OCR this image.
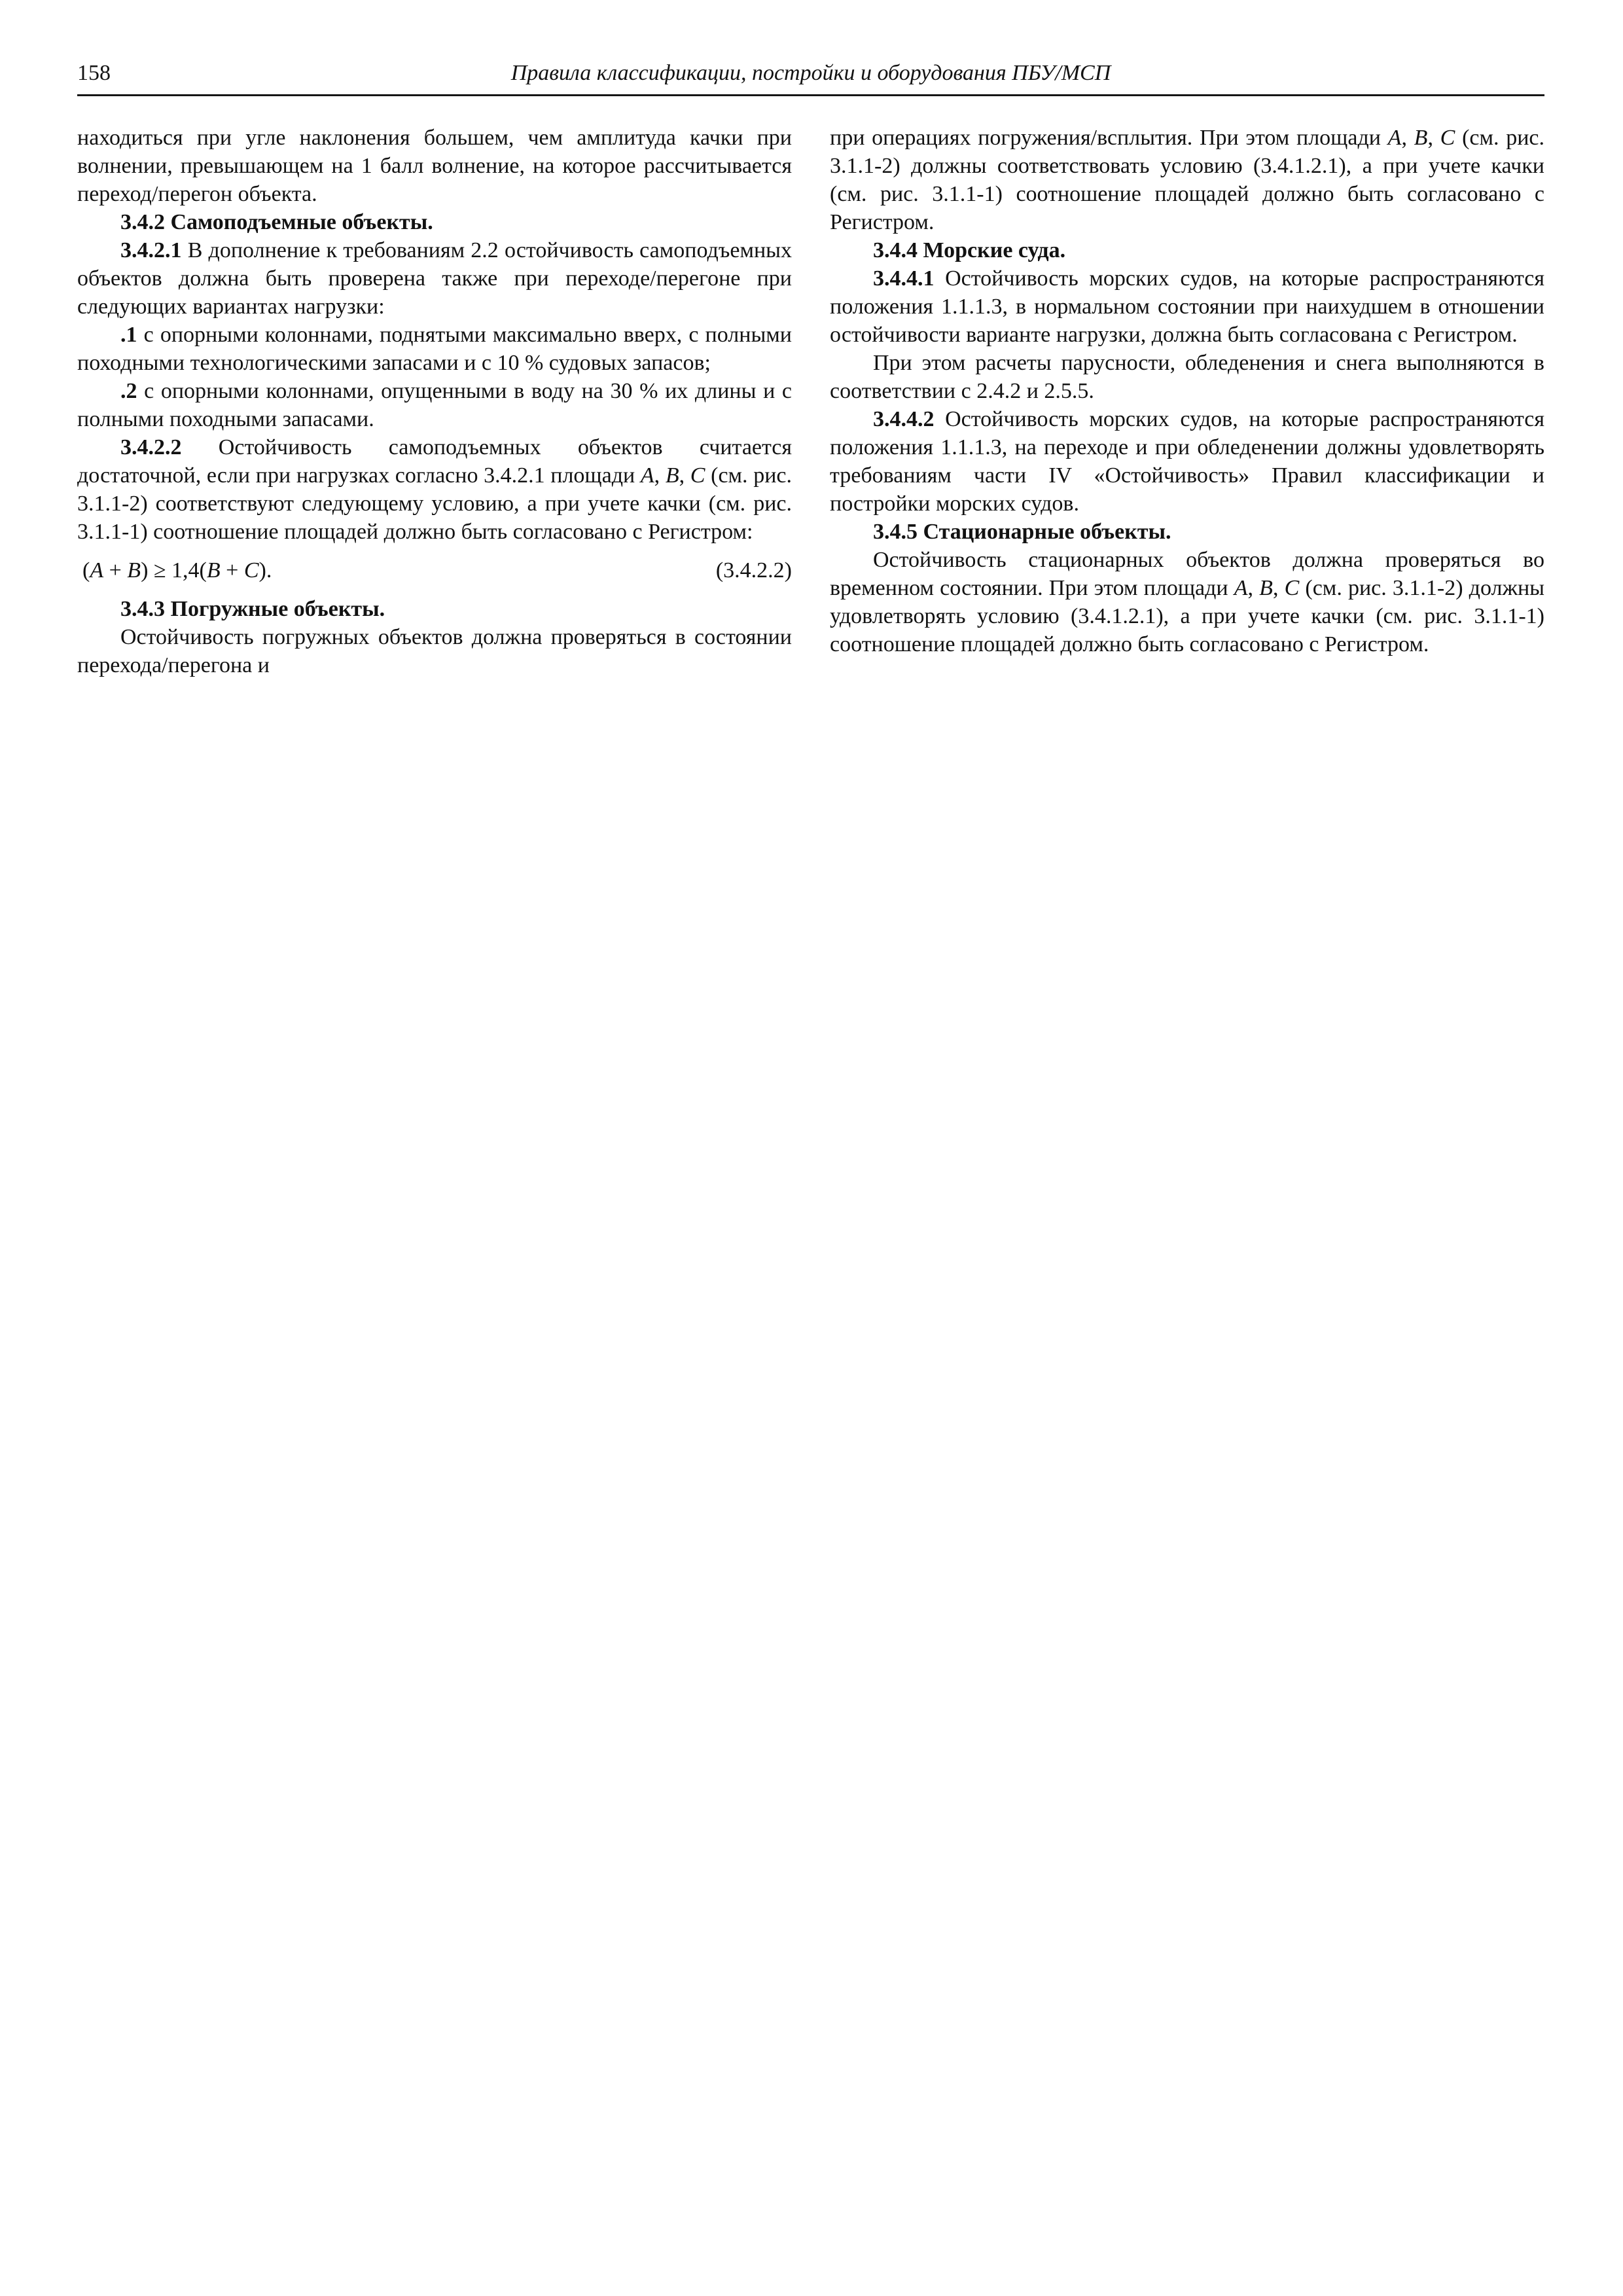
158	Правила классификации, постройки и оборудования ПБУ/МСП

находиться при угле наклонения большем, чем амплитуда качки при волнении, превышающем на 1 балл волнение, на которое рассчитывается переход/перегон объекта.

3.4.2 Самоподъемные объекты.

3.4.2.1 В дополнение к требованиям 2.2 остойчивость самоподъемных объектов должна быть проверена также при переходе/перегоне при следующих вариантах нагрузки:

.1 с опорными колоннами, поднятыми максимально вверх, с полными походными технологическими запасами и с 10 % судовых запасов;

.2 с опорными колоннами, опущенными в воду на 30 % их длины и с полными походными запасами.

3.4.2.2 Остойчивость самоподъемных объектов считается достаточной, если при нагрузках согласно 3.4.2.1 площади A, B, C (см. рис. 3.1.1-2) соответствуют следующему условию, а при учете качки (см. рис. 3.1.1-1) соотношение площадей должно быть согласовано с Регистром:

(A + B) ≥ 1,4(B + C).	(3.4.2.2)

3.4.3 Погружные объекты.

Остойчивость погружных объектов должна проверяться в состоянии перехода/перегона и

при операциях погружения/всплытия. При этом площади A, B, C (см. рис. 3.1.1-2) должны соответствовать условию (3.4.1.2.1), а при учете качки (см. рис. 3.1.1-1) соотношение площадей должно быть согласовано с Регистром.

3.4.4 Морские суда.

3.4.4.1 Остойчивость морских судов, на которые распространяются положения 1.1.1.3, в нормальном состоянии при наихудшем в отношении остойчивости варианте нагрузки, должна быть согласована с Регистром.

При этом расчеты парусности, обледенения и снега выполняются в соответствии с 2.4.2 и 2.5.5.

3.4.4.2 Остойчивость морских судов, на которые распространяются положения 1.1.1.3, на переходе и при обледенении должны удовлетворять требованиям части IV «Остойчивость» Правил классификации и постройки морских судов.

3.4.5 Стационарные объекты.

Остойчивость стационарных объектов должна проверяться во временном состоянии. При этом площади A, B, C (см. рис. 3.1.1-2) должны удовлетворять условию (3.4.1.2.1), а при учете качки (см. рис. 3.1.1-1) соотношение площадей должно быть согласовано с Регистром.
